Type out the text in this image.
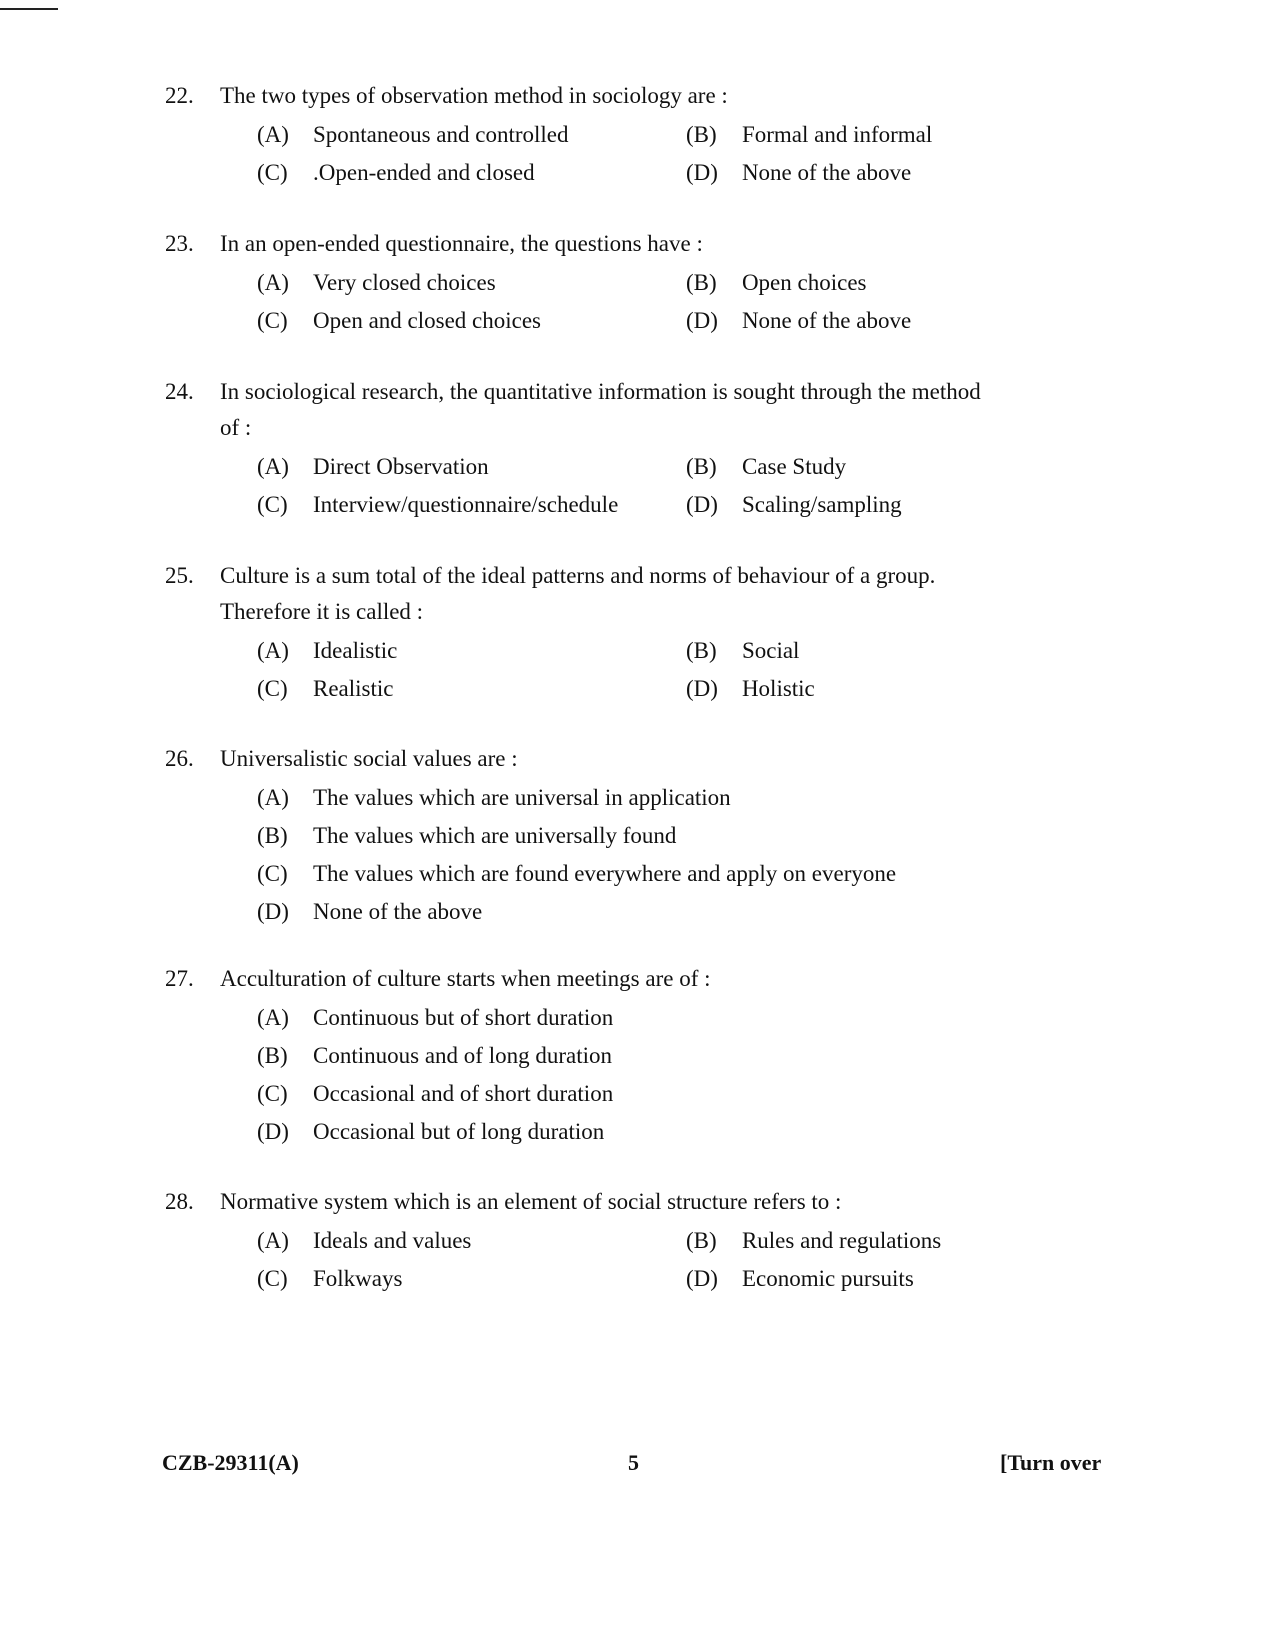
22.	The two types of observation method in sociology are :
(A)	Spontaneous and controlled	(B)	Formal and informal
(C)	.Open-ended and closed	(D)	None of the above
23.	In an open-ended questionnaire, the questions have :
(A)	Very closed choices	(B)	Open choices
(C)	Open and closed choices	(D)	None of the above
24.	In sociological research, the quantitative information is sought through the method
of :
(A)	Direct Observation	(B)	Case Study
(C)	Interview/questionnaire/schedule	(D)	Scaling/sampling
25.	Culture is a sum total of the ideal patterns and norms of behaviour of a group.
Therefore it is called :
(A)	Idealistic	(B)	Social
(C)	Realistic	(D)	Holistic
26.	Universalistic social values are :
(A)	The values which are universal in application
(B)	The values which are universally found
(C)	The values which are found everywhere and apply on everyone
(D)	None of the above
27.	Acculturation of culture starts when meetings are of :
(A)	Continuous but of short duration
(B)	Continuous and of long duration
(C)	Occasional and of short duration
(D)	Occasional but of long duration
28.	Normative system which is an element of social structure refers to :
(A)	Ideals and values	(B)	Rules and regulations
(C)	Folkways	(D)	Economic pursuits
CZB-29311(A)	5	[Turn over
